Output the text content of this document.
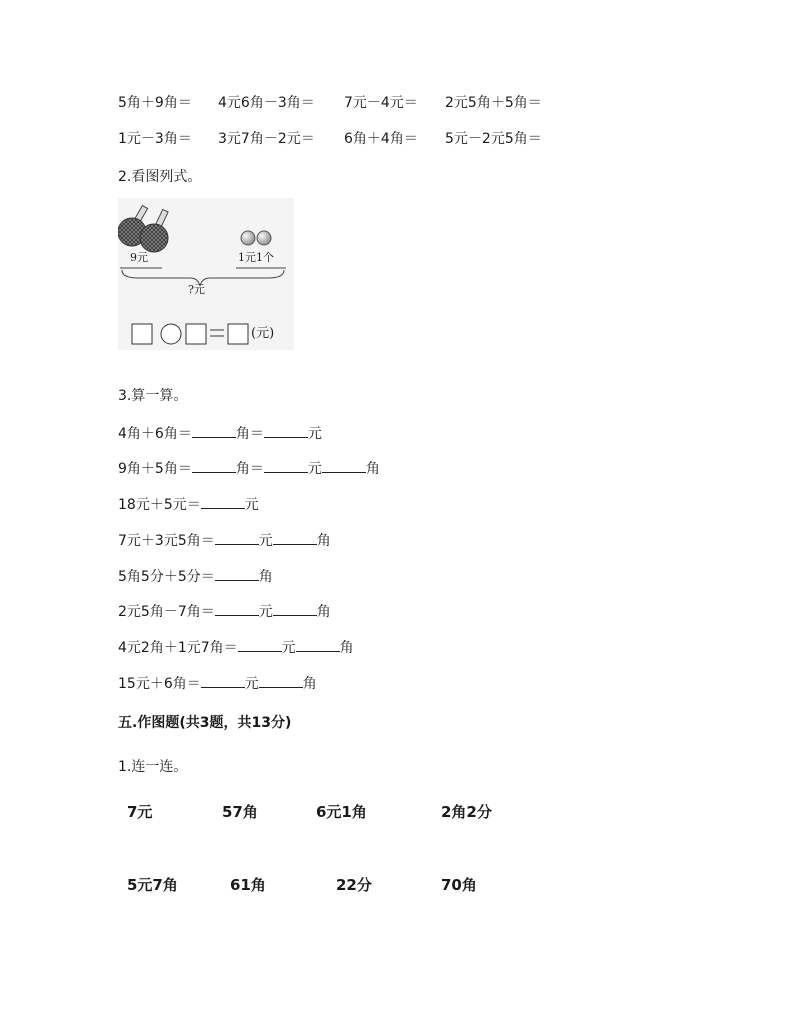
5角＋9角＝ 4元6角－3角＝ 7元－4元＝ 2元5角＋5角＝
1元－3角＝ 3元7角－2元＝ 6角＋4角＝ 5元－2元5角＝
2.看图列式。
9元	1元1个
?元
(元)
3.算一算。
4角＋6角＝	角＝	元
9角＋5角＝	角＝	元	角
18元＋5元＝	元
7元＋3元5角＝	元	角
5角5分＋5分＝	角
2元5角－7角＝	元	角
4元2角＋1元7角＝	元	角
15元＋6角＝	元	角
五.作图题(共3题，共13分)
1.连一连。
7元	57角	6元1角	2角2分
5元7角	61角	22分	70角
